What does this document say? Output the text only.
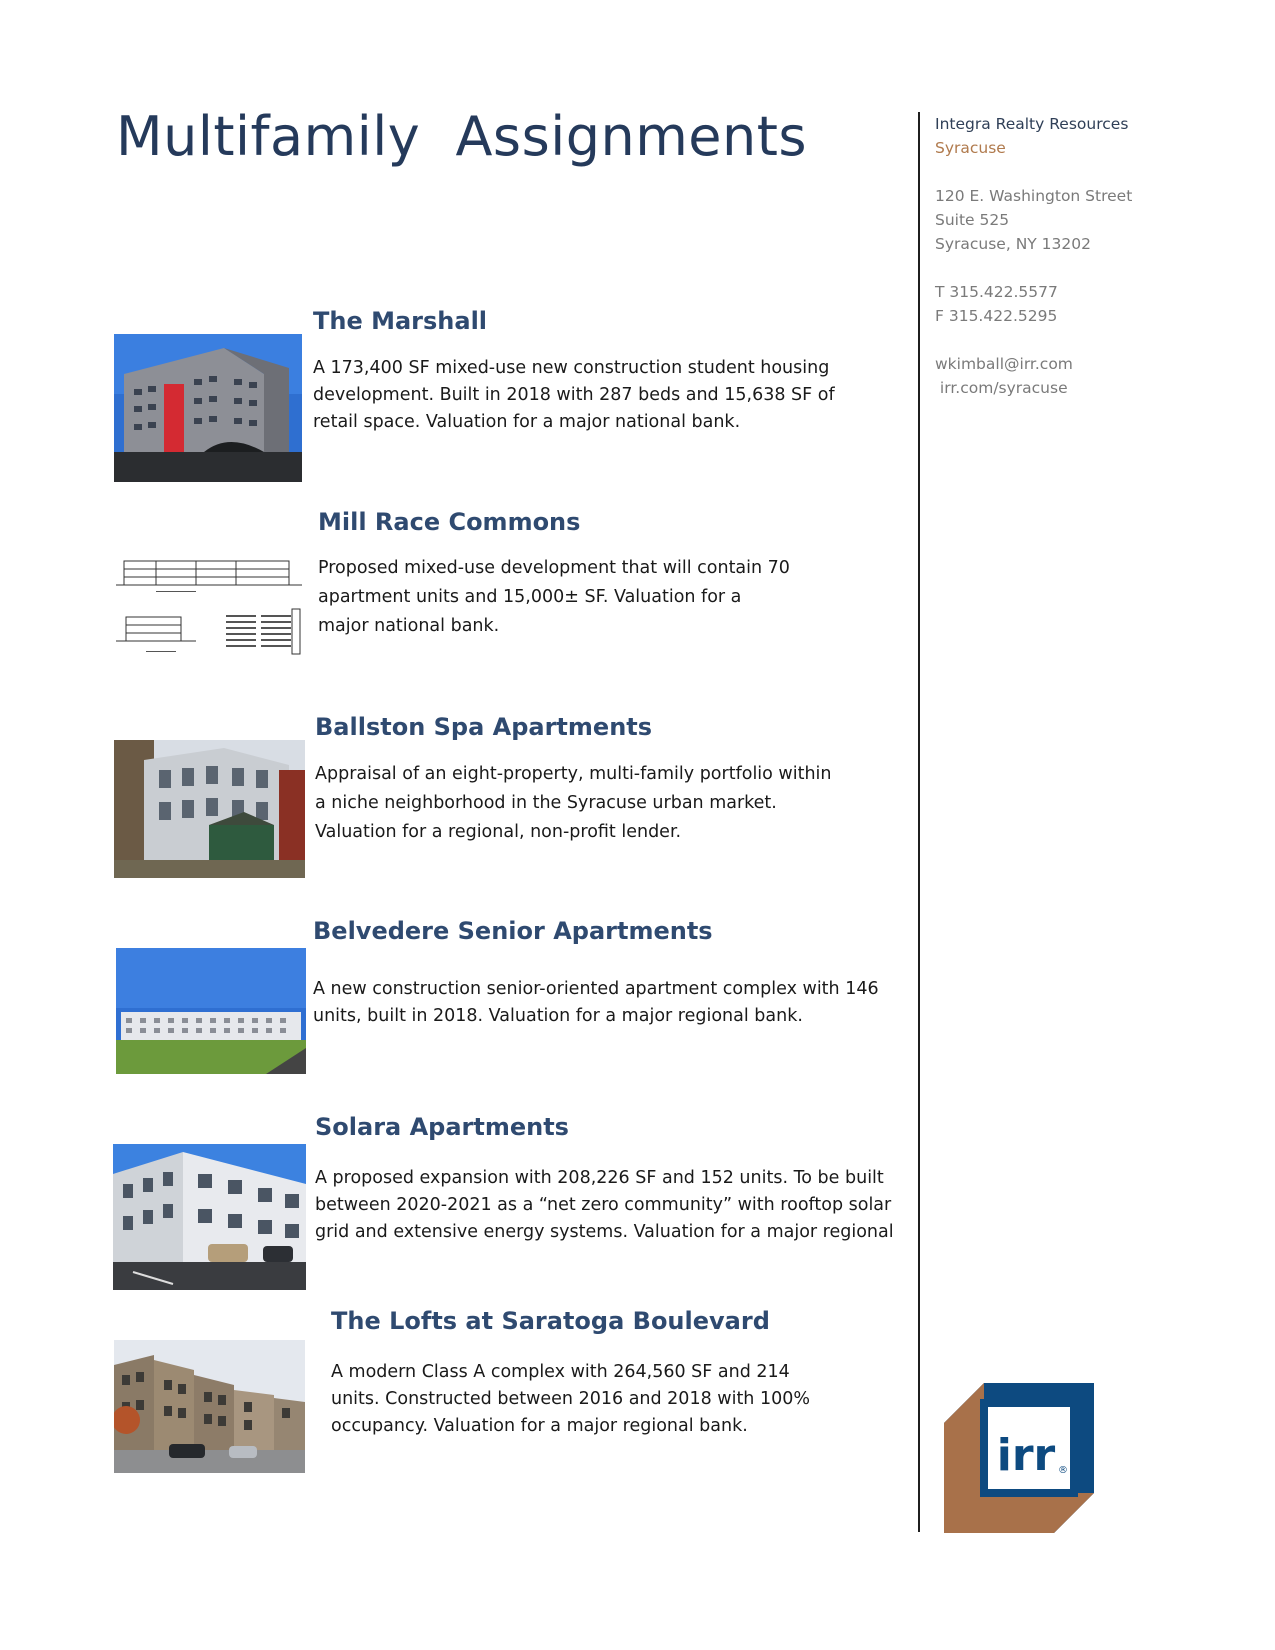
Multifamily  Assignments
The Marshall

A 173,400 SF mixed-use new construction student housing development. Built in 2018 with 287 beds and 15,638 SF of retail space. Valuation for a major national bank.

Mill Race Commons

Proposed mixed-use development that will contain 70 apartment units and 15,000± SF. Valuation for a major national bank.

Ballston Spa Apartments

Appraisal of an eight-property, multi-family portfolio within a niche neighborhood in the Syracuse urban market. Valuation for a regional, non-profit lender.

Belvedere Senior Apartments

A new construction senior-oriented apartment complex with 146 units, built in 2018. Valuation for a major regional bank.

Solara Apartments

A proposed expansion with 208,226 SF and 152 units. To be built between 2020-2021 as a “net zero community” with rooftop solar grid and extensive energy systems. Valuation for a major regional

The Lofts at Saratoga Boulevard

A modern Class A complex with 264,560 SF and 214 units. Constructed between 2016 and 2018 with 100% occupancy. Valuation for a major regional bank.

Integra Realty Resources
Syracuse
120 E. Washington Street
Suite 525
Syracuse, NY 13202
T 315.422.5577
F 315.422.5295
wkimball@irr.com
irr.com/syracuse
irr ®
